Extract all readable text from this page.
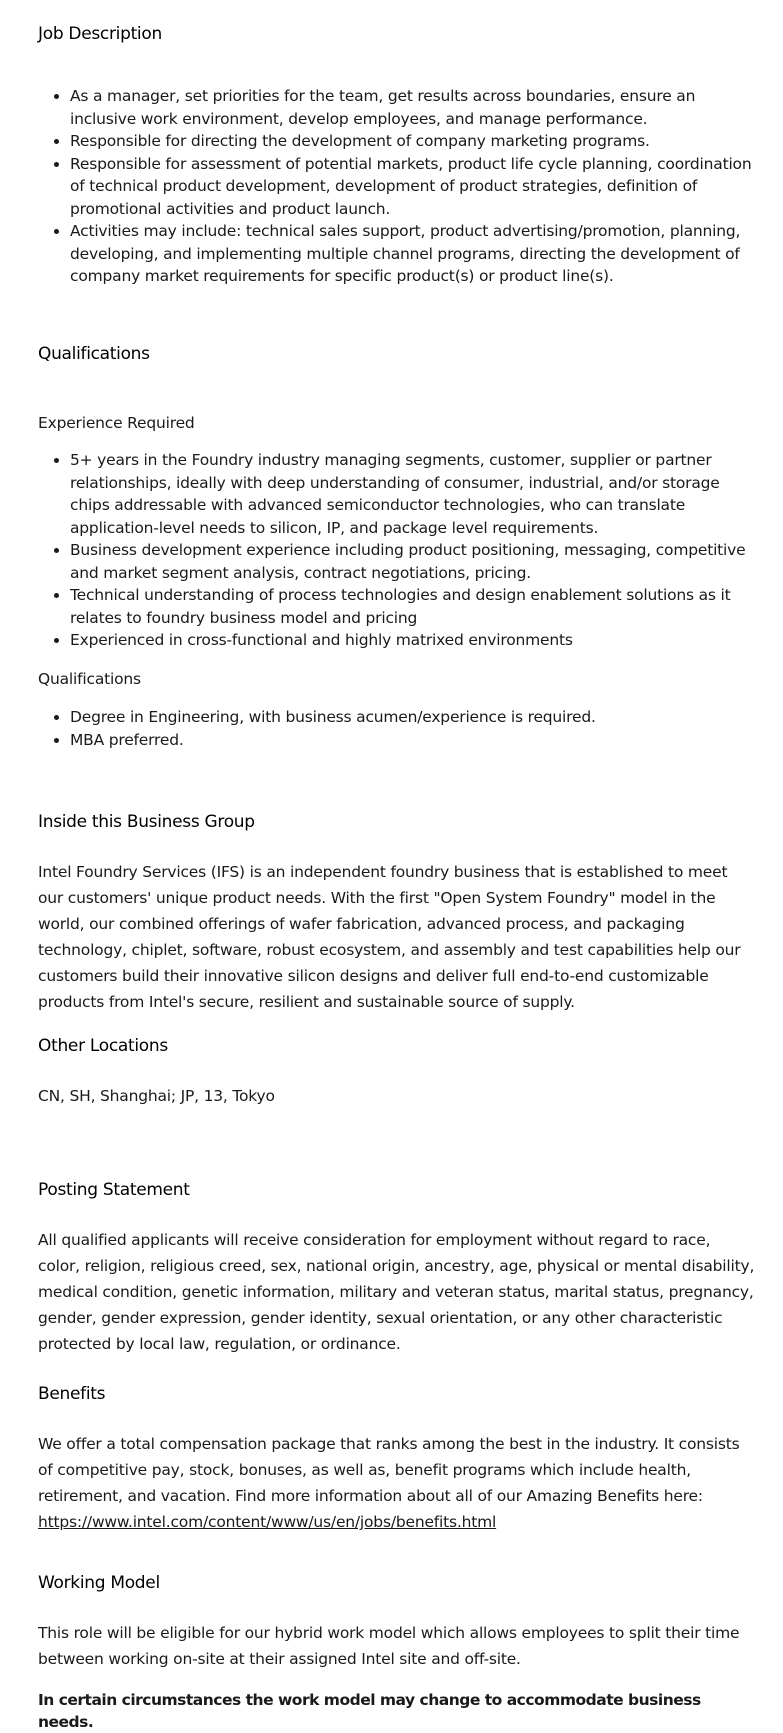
Job Description
• As a manager, set priorities for the team, get results across boundaries, ensure an inclusive work environment, develop employees, and manage performance.
• Responsible for directing the development of company marketing programs.
• Responsible for assessment of potential markets, product life cycle planning, coordination of technical product development, development of product strategies, definition of promotional activities and product launch.
• Activities may include: technical sales support, product advertising/promotion, planning, developing, and implementing multiple channel programs, directing the development of company market requirements for specific product(s) or product line(s).
Qualifications

Experience Required

• 5+ years in the Foundry industry managing segments, customer, supplier or partner relationships, ideally with deep understanding of consumer, industrial, and/or storage chips addressable with advanced semiconductor technologies, who can translate application-level needs to silicon, IP, and package level requirements.
• Business development experience including product positioning, messaging, competitive and market segment analysis, contract negotiations, pricing.
• Technical understanding of process technologies and design enablement solutions as it relates to foundry business model and pricing
• Experienced in cross-functional and highly matrixed environments

Qualifications

• Degree in Engineering, with business acumen/experience is required.
• MBA preferred.
Inside this Business Group

Intel Foundry Services (IFS) is an independent foundry business that is established to meet our customers' unique product needs. With the first "Open System Foundry" model in the world, our combined offerings of wafer fabrication, advanced process, and packaging technology, chiplet, software, robust ecosystem, and assembly and test capabilities help our customers build their innovative silicon designs and deliver full end-to-end customizable products from Intel's secure, resilient and sustainable source of supply.

Other Locations

CN, SH, Shanghai; JP, 13, Tokyo

Posting Statement

All qualified applicants will receive consideration for employment without regard to race, color, religion, religious creed, sex, national origin, ancestry, age, physical or mental disability, medical condition, genetic information, military and veteran status, marital status, pregnancy, gender, gender expression, gender identity, sexual orientation, or any other characteristic protected by local law, regulation, or ordinance.

Benefits

We offer a total compensation package that ranks among the best in the industry. It consists of competitive pay, stock, bonuses, as well as, benefit programs which include health, retirement, and vacation. Find more information about all of our Amazing Benefits here: https://www.intel.com/content/www/us/en/jobs/benefits.html

Working Model

This role will be eligible for our hybrid work model which allows employees to split their time between working on-site at their assigned Intel site and off-site.

In certain circumstances the work model may change to accommodate business needs.
